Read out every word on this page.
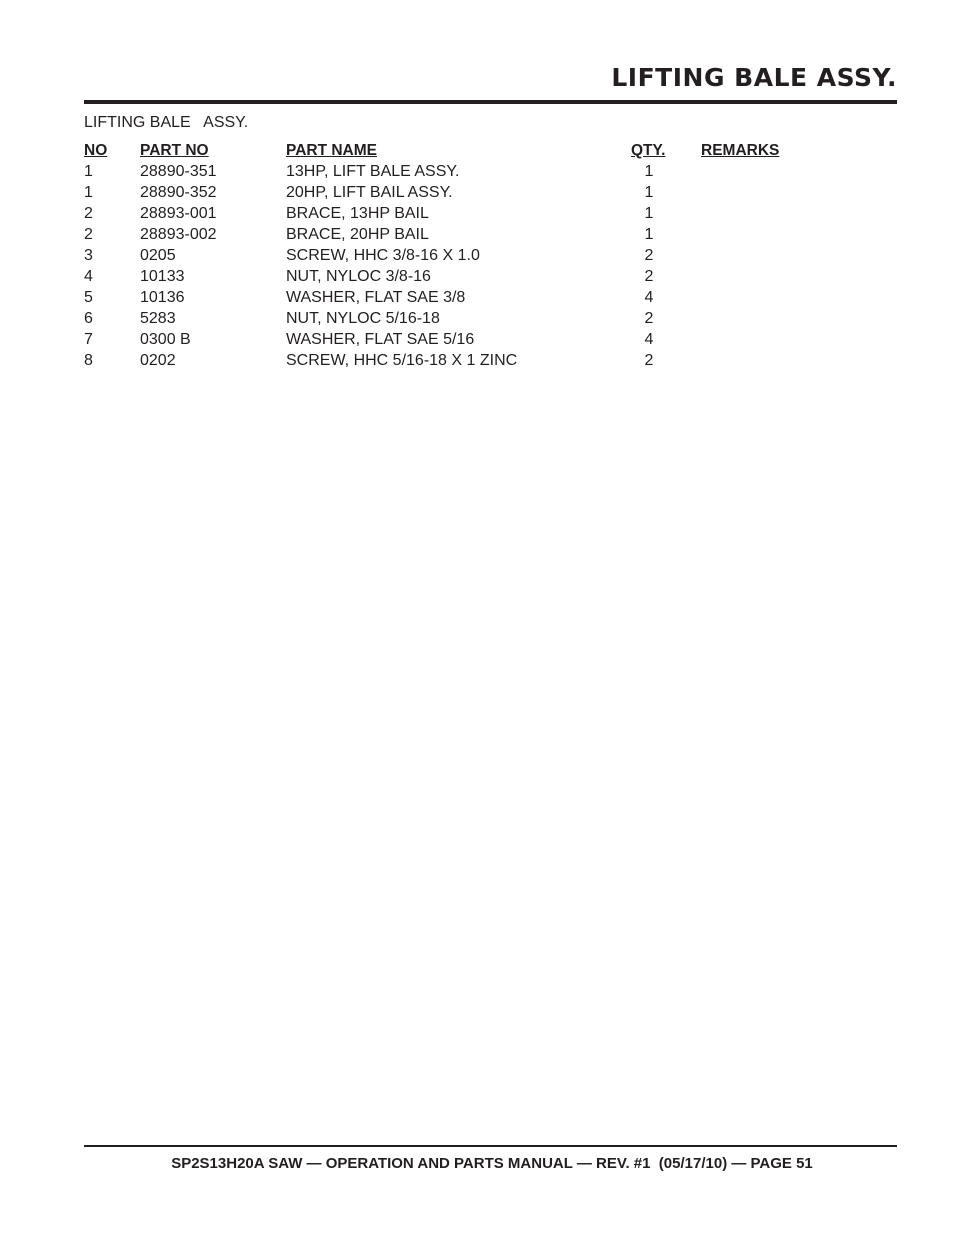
LIFTING BALE ASSY.
LIFTING BALE   ASSY.
NO PART NO	PART NAME	QTY.	REMARKS
1	28890-351	13HP, LIFT BALE ASSY.	1
1	28890-352	20HP, LIFT BAIL ASSY.	1
2	28893-001	BRACE, 13HP BAIL	1
2	28893-002	BRACE, 20HP BAIL	1
3	0205	SCREW, HHC 3/8-16 X 1.0	2
4	10133	NUT, NYLOC 3/8-16	2
5	10136	WASHER, FLAT SAE 3/8	4
6	5283	NUT, NYLOC 5/16-18	2
7	0300 B	WASHER, FLAT SAE 5/16	4
8	0202	SCREW, HHC 5/16-18 X 1 ZINC	2
SP2S13H20A SAW — OPERATION AND PARTS MANUAL — REV. #1  (05/17/10) — PAGE 51
